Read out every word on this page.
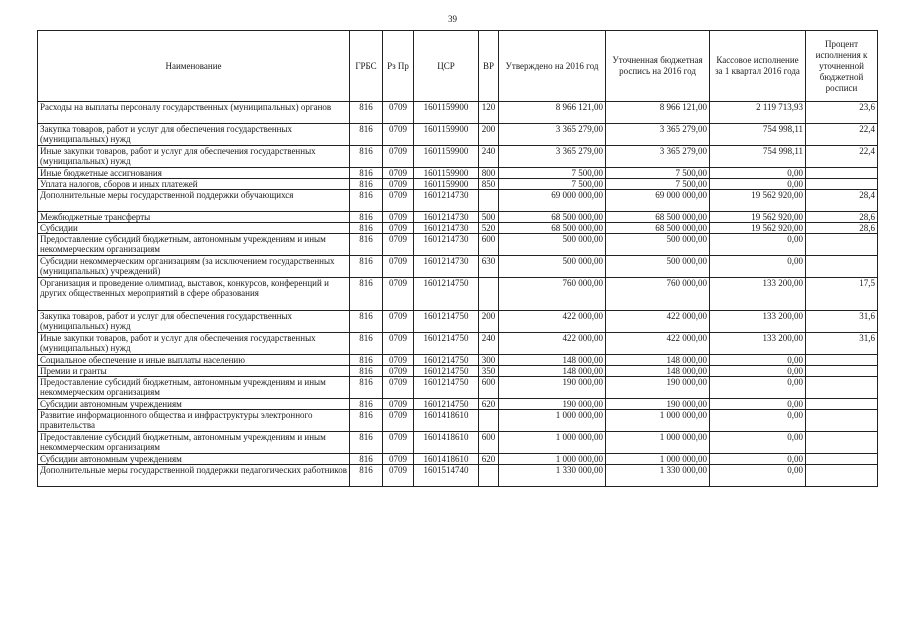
39
Наименование	ГРБС	Рз Пр	ЦСР	ВР	Утверждено на 2016 год	Уточненная бюджетная роспись на 2016 год	Кассовое исполнение за 1 квартал 2016 года	Процент исполнения к уточненной бюджетной росписи
Расходы на выплаты персоналу государственных (муниципальных) органов	816	0709	1601159900	120	8 966 121,00	8 966 121,00	2 119 713,93	23,6
Закупка товаров, работ и услуг для обеспечения государственных (муниципальных) нужд	816	0709	1601159900	200	3 365 279,00	3 365 279,00	754 998,11	22,4
Иные закупки товаров, работ и услуг для обеспечения государственных (муниципальных) нужд	816	0709	1601159900	240	3 365 279,00	3 365 279,00	754 998,11	22,4
Иные бюджетные ассигнования	816	0709	1601159900	800	7 500,00	7 500,00	0,00	
Уплата налогов, сборов и иных платежей	816	0709	1601159900	850	7 500,00	7 500,00	0,00	
Дополнительные меры государственной поддержки обучающихся	816	0709	1601214730		69 000 000,00	69 000 000,00	19 562 920,00	28,4
Межбюджетные трансферты	816	0709	1601214730	500	68 500 000,00	68 500 000,00	19 562 920,00	28,6
Субсидии	816	0709	1601214730	520	68 500 000,00	68 500 000,00	19 562 920,00	28,6
Предоставление субсидий бюджетным, автономным учреждениям и иным некоммерческим организациям	816	0709	1601214730	600	500 000,00	500 000,00	0,00	
Субсидии некоммерческим организациям (за исключением государственных (муниципальных) учреждений)	816	0709	1601214730	630	500 000,00	500 000,00	0,00	
Организация и проведение олимпиад, выставок, конкурсов, конференций и других общественных мероприятий в сфере образования	816	0709	1601214750		760 000,00	760 000,00	133 200,00	17,5
Закупка товаров, работ и услуг для обеспечения государственных (муниципальных) нужд	816	0709	1601214750	200	422 000,00	422 000,00	133 200,00	31,6
Иные закупки товаров, работ и услуг для обеспечения государственных (муниципальных) нужд	816	0709	1601214750	240	422 000,00	422 000,00	133 200,00	31,6
Социальное обеспечение и иные выплаты населению	816	0709	1601214750	300	148 000,00	148 000,00	0,00	
Премии и гранты	816	0709	1601214750	350	148 000,00	148 000,00	0,00	
Предоставление субсидий бюджетным, автономным учреждениям и иным некоммерческим организациям	816	0709	1601214750	600	190 000,00	190 000,00	0,00	
Субсидии автономным учреждениям	816	0709	1601214750	620	190 000,00	190 000,00	0,00	
Развитие информационного общества и инфраструктуры электронного правительства	816	0709	1601418610		1 000 000,00	1 000 000,00	0,00	
Предоставление субсидий бюджетным, автономным учреждениям и иным некоммерческим организациям	816	0709	1601418610	600	1 000 000,00	1 000 000,00	0,00	
Субсидии автономным учреждениям	816	0709	1601418610	620	1 000 000,00	1 000 000,00	0,00	
Дополнительные меры государственной поддержки педагогических работников	816	0709	1601514740		1 330 000,00	1 330 000,00	0,00	
